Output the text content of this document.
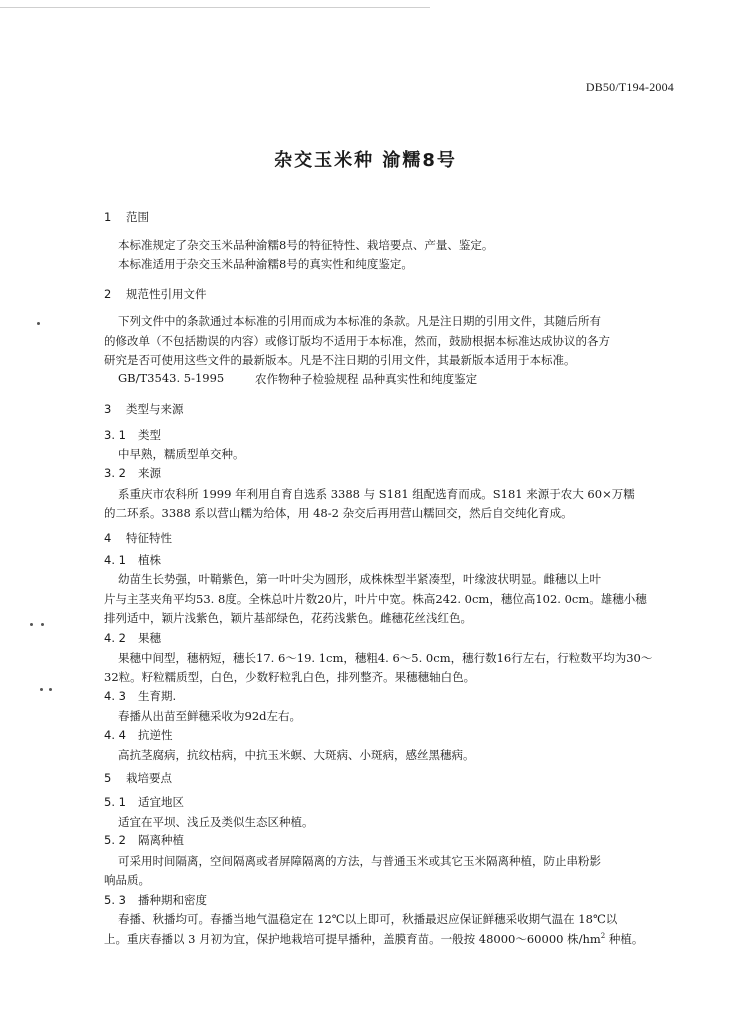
DB50/T194-2004
杂交玉米种 渝糯8号
1 范围
本标准规定了杂交玉米品种渝糯8号的特征特性、栽培要点、产量、鉴定。
本标准适用于杂交玉米品种渝糯8号的真实性和纯度鉴定。
2 规范性引用文件
下列文件中的条款通过本标准的引用而成为本标准的条款。凡是注日期的引用文件，其随后所有
的修改单（不包括勘误的内容）或修订版均不适用于本标准，然而，鼓励根据本标准达成协议的各方
研究是否可使用这些文件的最新版本。凡是不注日期的引用文件，其最新版本适用于本标准。
GB/T3543. 5-1995	农作物种子检验规程 品种真实性和纯度鉴定
3 类型与来源
3. 1 类型
中早熟，糯质型单交种。
3. 2 来源
系重庆市农科所 1999 年利用自育自选系 3388 与 S181 组配选育而成。S181 来源于农大 60×万糯
的二环系。3388 系以营山糯为给体，用 48-2 杂交后再用营山糯回交，然后自交纯化育成。
4 特征特性
4. 1 植株
幼苗生长势强，叶鞘紫色，第一叶叶尖为圆形，成株株型半紧凑型，叶缘波状明显。雌穗以上叶
片与主茎夹角平均53. 8度。全株总叶片数20片，叶片中宽。株高242. 0cm，穗位高102. 0cm。雄穗小穗
排列适中，颖片浅紫色，颖片基部绿色，花药浅紫色。雌穗花丝浅红色。
4. 2 果穗
果穗中间型，穗柄短，穗长17. 6～19. 1cm，穗粗4. 6～5. 0cm，穗行数16行左右，行粒数平均为30～
32粒。籽粒糯质型，白色，少数籽粒乳白色，排列整齐。果穗穗轴白色。
4. 3 生育期.
春播从出苗至鲜穗采收为92d左右。
4. 4 抗逆性
高抗茎腐病，抗纹枯病，中抗玉米螟、大斑病、小斑病，感丝黑穗病。
5 栽培要点
5. 1 适宜地区
适宜在平坝、浅丘及类似生态区种植。
5. 2 隔离种植
可采用时间隔离，空间隔离或者屏障隔离的方法，与普通玉米或其它玉米隔离种植，防止串粉影
响品质。
5. 3 播种期和密度
春播、秋播均可。春播当地气温稳定在 12℃以上即可，秋播最迟应保证鲜穗采收期气温在 18℃以
上。重庆春播以 3 月初为宜，保护地栽培可提早播种，盖膜育苗。一般按 48000～60000 株$/hm^2$ 种植。
